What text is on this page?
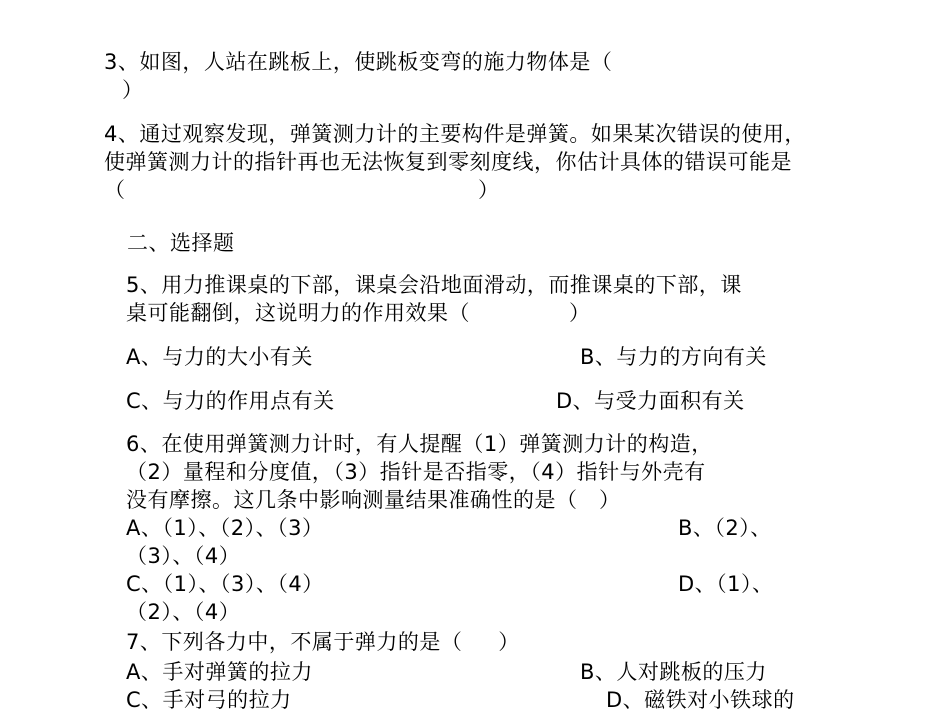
3、如图，人站在跳板上，使跳板变弯的施力物体是（
）
4、通过观察发现，弹簧测力计的主要构件是弹簧。如果某次错误的使用，
使弹簧测力计的指针再也无法恢复到零刻度线，你估计具体的错误可能是
（	）
二、选择题
5、用力推课桌的下部，课桌会沿地面滑动，而推课桌的下部，课
桌可能翻倒，这说明力的作用效果（	）
A、与力的大小有关	B、与力的方向有关
C、与力的作用点有关	D、与受力面积有关
6、在使用弹簧测力计时，有人提醒（1）弹簧测力计的构造，
（2）量程和分度值，（3）指针是否指零，（4）指针与外壳有
没有摩擦。这几条中影响测量结果准确性的是（   ）
A、（1）、（2）、（3）	B、（2）、
（3）、（4）
C、（1）、（3）、（4）	D、（1）、
（2）、（4）
7、下列各力中，不属于弹力的是（     ）
A、手对弹簧的拉力	B、人对跳板的压力
C、手对弓的拉力	D、磁铁对小铁球的
